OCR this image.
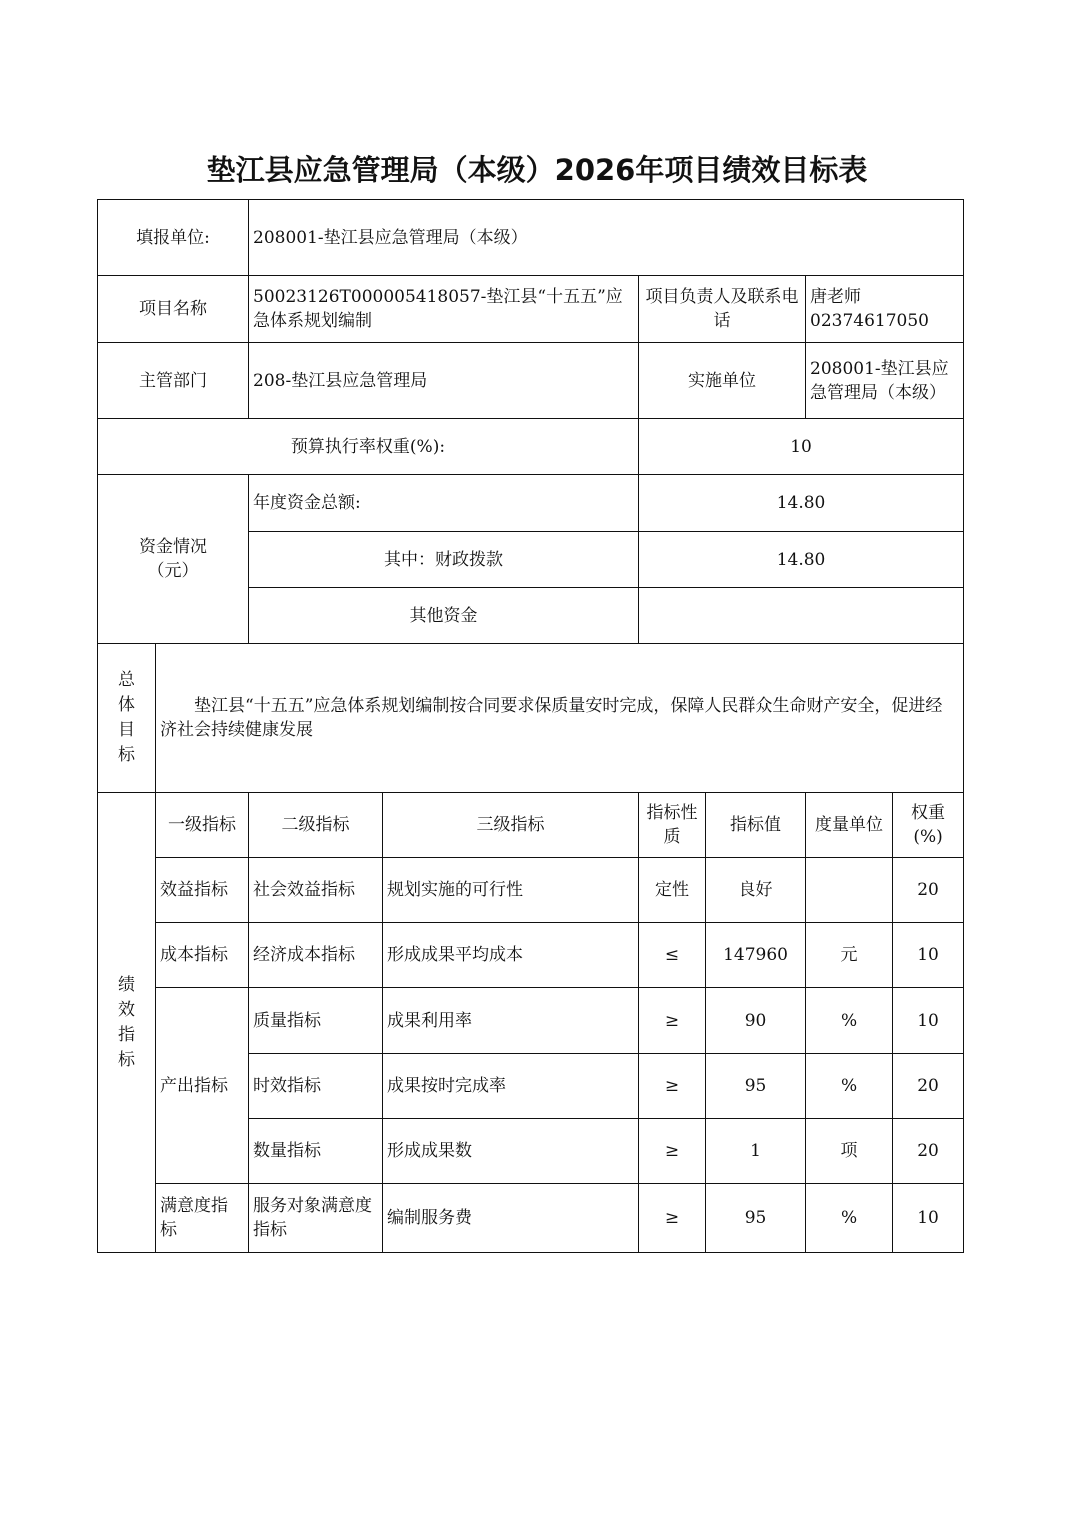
垫江县应急管理局（本级）2026年项目绩效目标表
填报单位:		208001-垫江县应急管理局（本级）					
项目名称		50023126T000005418057-垫江县“十五五”应急体系规划编制		项目负责人及联系电话		唐老师
02374617050	

主管部门		208-垫江县应急管理局		实施单位		208001-垫江县应急管理局（本级）	
预算执行率权重(%):				10			
资金情况（元）		年度资金总额:		14.80			
		其中：财政拨款		14.80			
		其他资金					

总体目标	垫江县“十五五”应急体系规划编制按合同要求保质量安时完成，保障人民群众生命财产安全，促进经济社会持续健康发展						

绩效指标	一级指标	二级指标	三级指标	指标性质	指标值	度量单位	权重(%)
	效益指标	社会效益指标	规划实施的可行性	定性	良好		20
	成本指标	经济成本指标	形成成果平均成本	≤	147960	元	10
	产出指标	质量指标	成果利用率	≥	90	%	10
		时效指标	成果按时完成率	≥	95	%	20
		数量指标	形成成果数	≥	1	项	20
	满意度指标	服务对象满意度指标	编制服务费	≥	95	%	10
